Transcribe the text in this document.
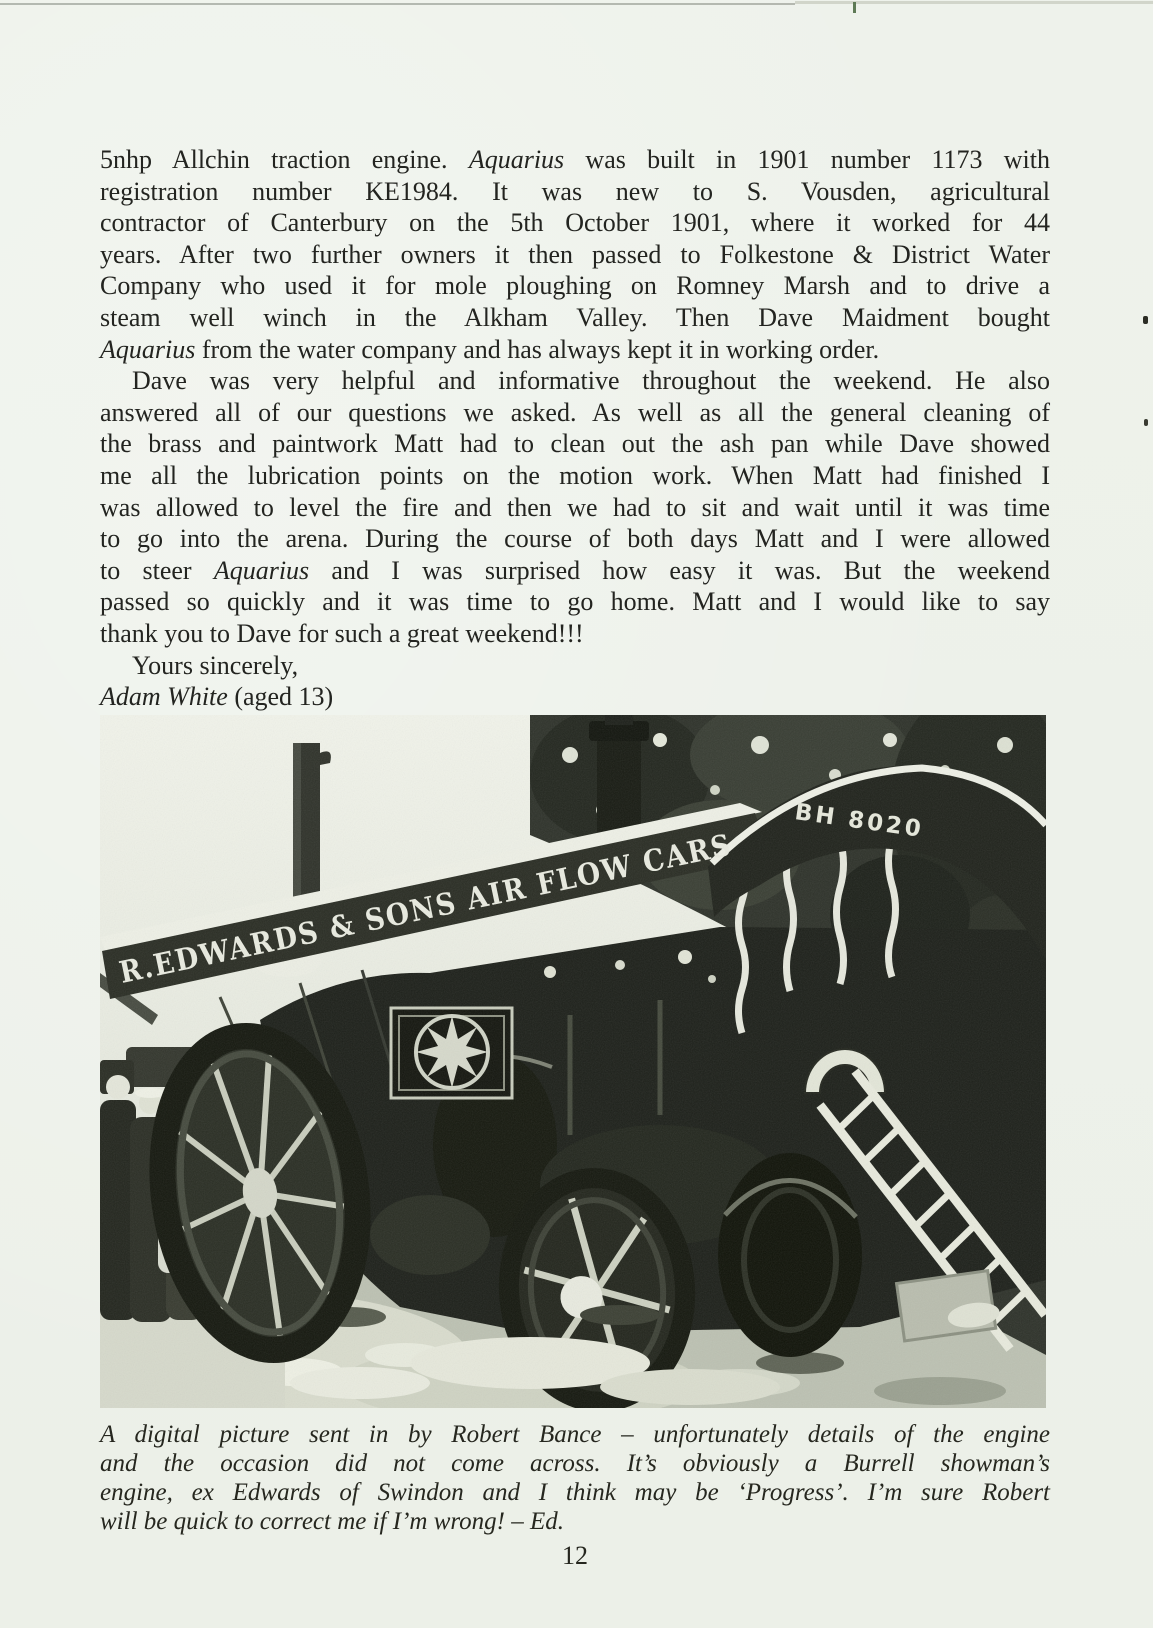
5nhp Allchin traction engine. Aquarius was built in 1901 number 1173 with
registration number KE1984. It was new to S. Vousden, agricultural
contractor of Canterbury on the 5th October 1901, where it worked for 44
years. After two further owners it then passed to Folkestone & District Water
Company who used it for mole ploughing on Romney Marsh and to drive a
steam well winch in the Alkham Valley. Then Dave Maidment bought
Aquarius from the water company and has always kept it in working order.
Dave was very helpful and informative throughout the weekend. He also
answered all of our questions we asked. As well as all the general cleaning of
the brass and paintwork Matt had to clean out the ash pan while Dave showed
me all the lubrication points on the motion work. When Matt had finished I
was allowed to level the fire and then we had to sit and wait until it was time
to go into the arena. During the course of both days Matt and I were allowed
to steer Aquarius and I was surprised how easy it was. But the weekend
passed so quickly and it was time to go home. Matt and I would like to say
thank you to Dave for such a great weekend!!!
Yours sincerely,
Adam White (aged 13)
R.EDWARDS & SONS AIR FLOW CARS
BH 8020
A digital picture sent in by Robert Bance – unfortunately details of the engine
and the occasion did not come across. It’s obviously a Burrell showman’s
engine, ex Edwards of Swindon and I think may be ‘Progress’. I’m sure Robert
will be quick to correct me if I’m wrong! – Ed.
12
